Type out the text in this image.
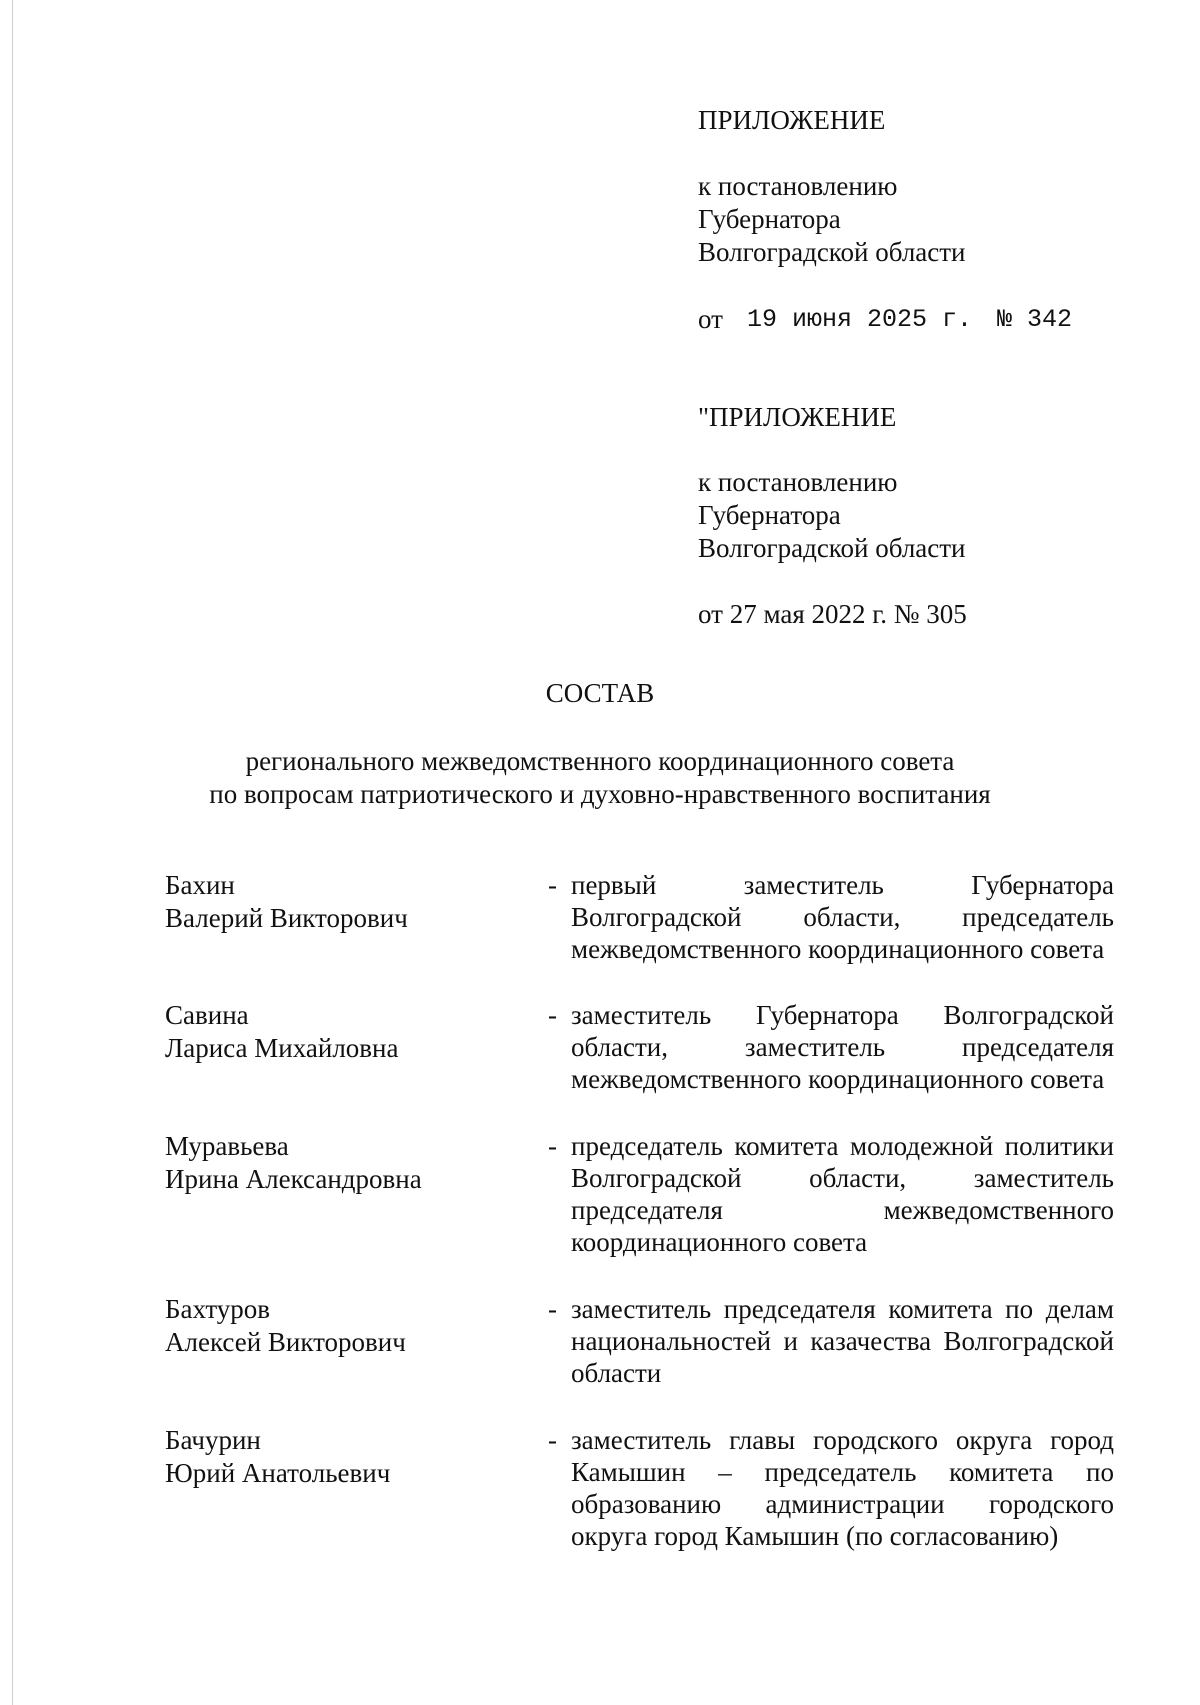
ПРИЛОЖЕНИЕ
к постановлению
Губернатора
Волгоградской области
от 19 июня 2025 г. № 342
"ПРИЛОЖЕНИЕ
к постановлению
Губернатора
Волгоградской области
от 27 мая 2022 г. № 305
СОСТАВ
регионального межведомственного координационного совета
по вопросам патриотического и духовно-нравственного воспитания
Бахин
Валерий Викторович
- первый заместитель Губернатора Волгоградской области, председатель межведомственного координационного совета
Савина
Лариса Михайловна
- заместитель Губернатора Волгоградской области, заместитель председателя межведомственного координационного совета
Муравьева
Ирина Александровна
- председатель комитета молодежной политики Волгоградской области, заместитель председателя межведомственного координационного совета
Бахтуров
Алексей Викторович
- заместитель председателя комитета по делам национальностей и казачества Волгоградской области
Бачурин
Юрий Анатольевич
- заместитель главы городского округа город Камышин – председатель комитета по образованию администрации городского округа город Камышин (по согласованию)
